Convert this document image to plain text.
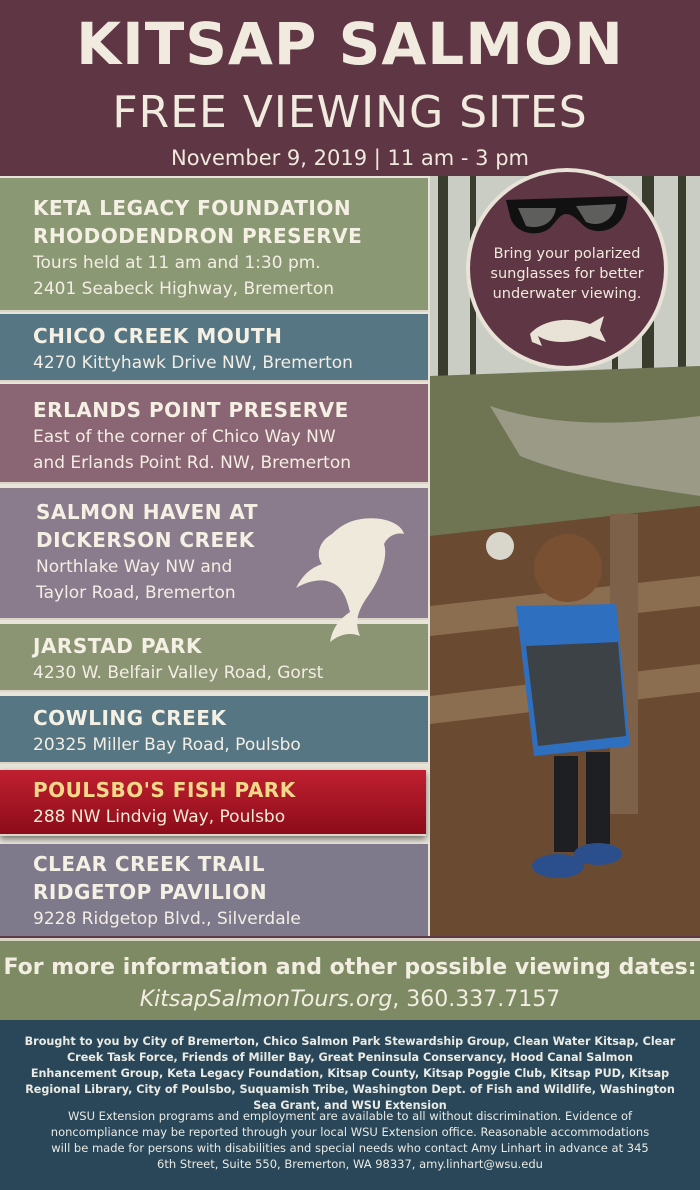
KITSAP SALMON
FREE VIEWING SITES
November 9, 2019 | 11 am - 3 pm
KETA LEGACY FOUNDATION
RHODODENDRON PRESERVE
Tours held at 11 am and 1:30 pm.
2401 Seabeck Highway, Bremerton
CHICO CREEK MOUTH
4270 Kittyhawk Drive NW, Bremerton
ERLANDS POINT PRESERVE
East of the corner of Chico Way NW
and Erlands Point Rd. NW, Bremerton
SALMON HAVEN AT
DICKERSON CREEK
Northlake Way NW and
Taylor Road, Bremerton
JARSTAD PARK
4230 W. Belfair Valley Road, Gorst
COWLING CREEK
20325 Miller Bay Road, Poulsbo
POULSBO'S FISH PARK
288 NW Lindvig Way, Poulsbo
CLEAR CREEK TRAIL
RIDGETOP PAVILION
9228 Ridgetop Blvd., Silverdale
Bring your polarized
sunglasses for better
underwater viewing.
For more information and other possible viewing dates:
KitsapSalmonTours.org, 360.337.7157
Brought to you by City of Bremerton, Chico Salmon Park Stewardship Group, Clean Water Kitsap, Clear Creek Task Force, Friends of Miller Bay, Great Peninsula Conservancy, Hood Canal Salmon Enhancement Group, Keta Legacy Foundation, Kitsap County, Kitsap Poggie Club, Kitsap PUD, Kitsap Regional Library, City of Poulsbo, Suquamish Tribe, Washington Dept. of Fish and Wildlife, Washington Sea Grant, and WSU Extension
WSU Extension programs and employment are available to all without discrimination. Evidence of noncompliance may be reported through your local WSU Extension office. Reasonable accommodations will be made for persons with disabilities and special needs who contact Amy Linhart in advance at 345 6th Street, Suite 550, Bremerton, WA 98337, amy.linhart@wsu.edu
